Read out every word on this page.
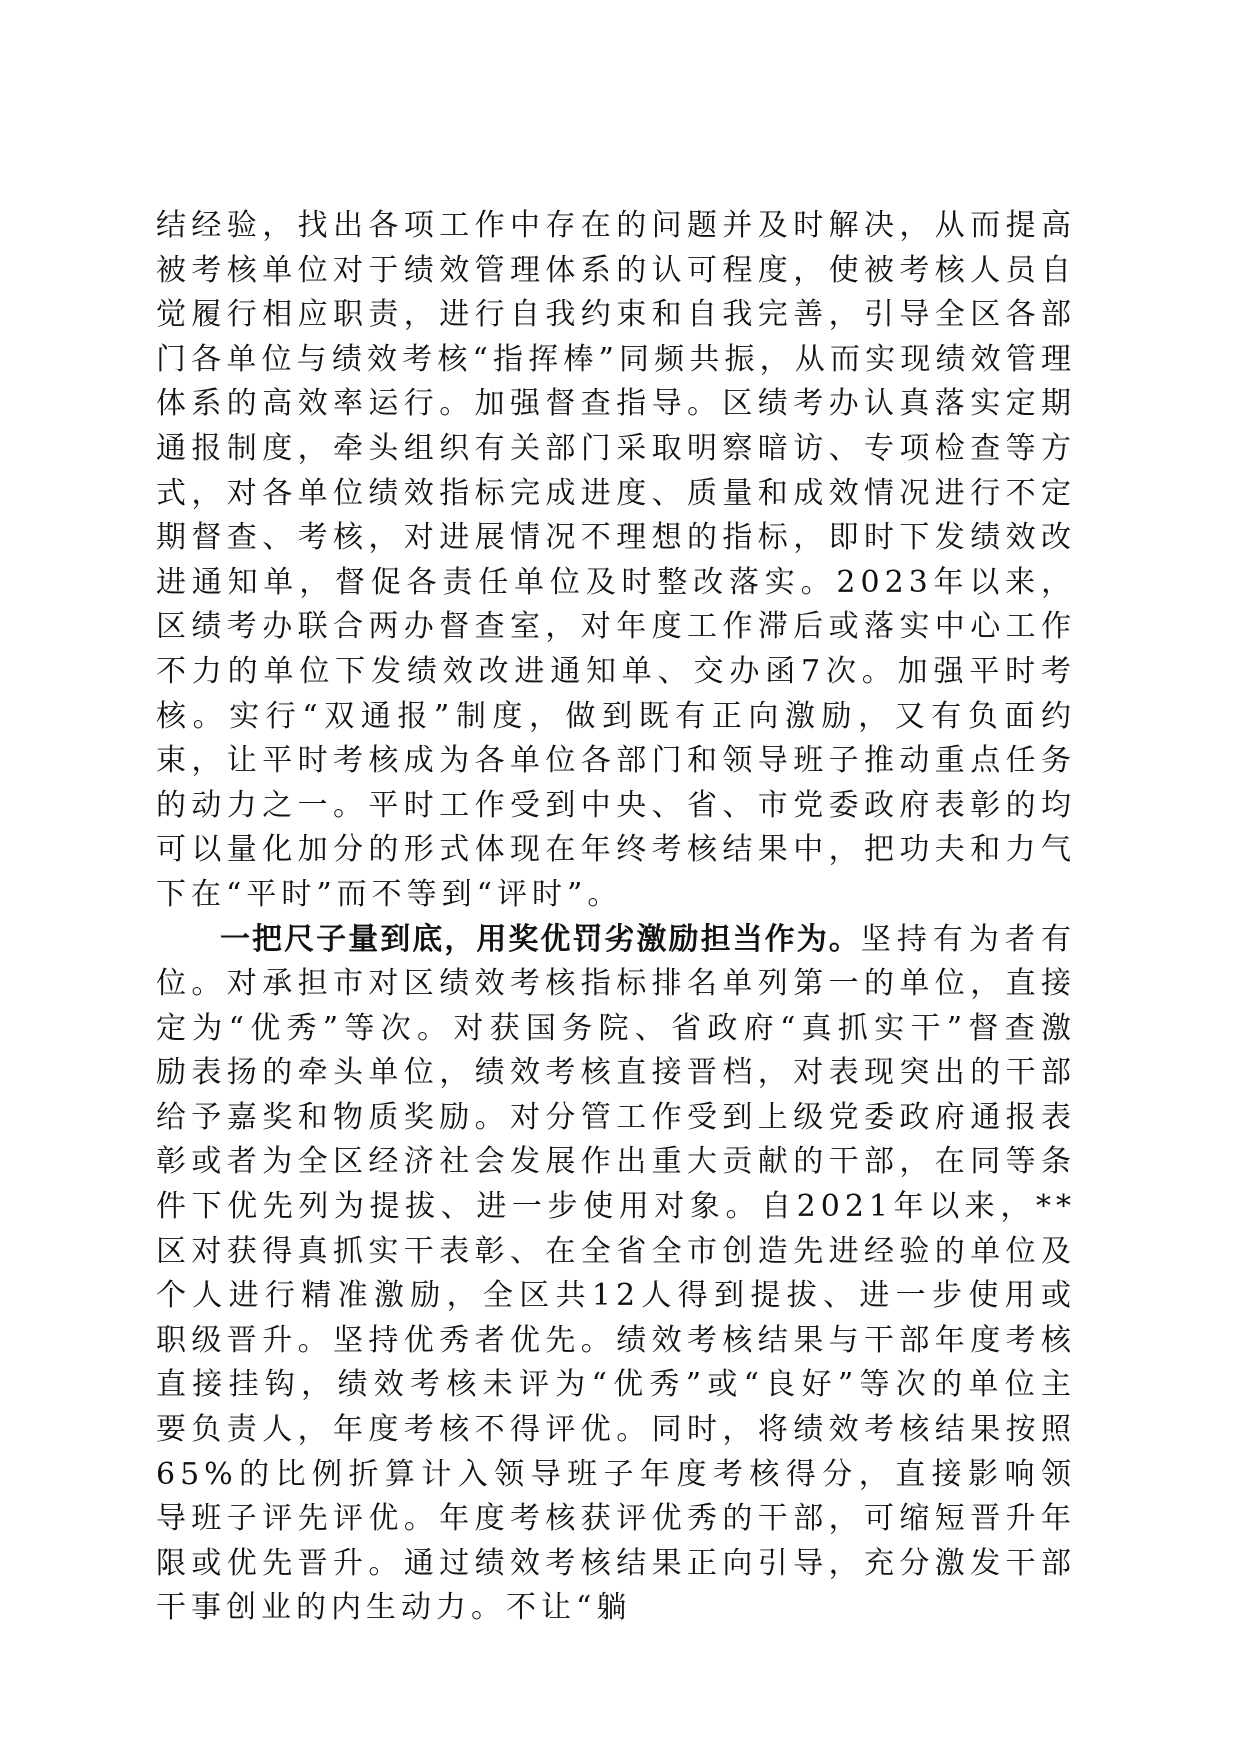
结经验，找出各项工作中存在的问题并及时解决，从而提高被考核单位对于绩效管理体系的认可程度，使被考核人员自觉履行相应职责，进行自我约束和自我完善，引导全区各部门各单位与绩效考核“指挥棒”同频共振，从而实现绩效管理体系的高效率运行。加强督查指导。区绩考办认真落实定期通报制度，牵头组织有关部门采取明察暗访、专项检查等方式，对各单位绩效指标完成进度、质量和成效情况进行不定期督查、考核，对进展情况不理想的指标，即时下发绩效改进通知单，督促各责任单位及时整改落实。2023年以来，区绩考办联合两办督查室，对年度工作滞后或落实中心工作不力的单位下发绩效改进通知单、交办函7次。加强平时考核。实行“双通报”制度，做到既有正向激励，又有负面约束，让平时考核成为各单位各部门和领导班子推动重点任务的动力之一。平时工作受到中央、省、市党委政府表彰的均可以量化加分的形式体现在年终考核结果中，把功夫和力气下在“平时”而不等到“评时”。

一把尺子量到底，用奖优罚劣激励担当作为。坚持有为者有位。对承担市对区绩效考核指标排名单列第一的单位，直接定为“优秀”等次。对获国务院、省政府“真抓实干”督查激励表扬的牵头单位，绩效考核直接晋档，对表现突出的干部给予嘉奖和物质奖励。对分管工作受到上级党委政府通报表彰或者为全区经济社会发展作出重大贡献的干部，在同等条件下优先列为提拔、进一步使用对象。自2021年以来，**区对获得真抓实干表彰、在全省全市创造先进经验的单位及个人进行精准激励，全区共12人得到提拔、进一步使用或职级晋升。坚持优秀者优先。绩效考核结果与干部年度考核直接挂钩，绩效考核未评为“优秀”或“良好”等次的单位主要负责人，年度考核不得评优。同时，将绩效考核结果按照65%的比例折算计入领导班子年度考核得分，直接影响领导班子评先评优。年度考核获评优秀的干部，可缩短晋升年限或优先晋升。通过绩效考核结果正向引导，充分激发干部干事创业的内生动力。不让“躺
